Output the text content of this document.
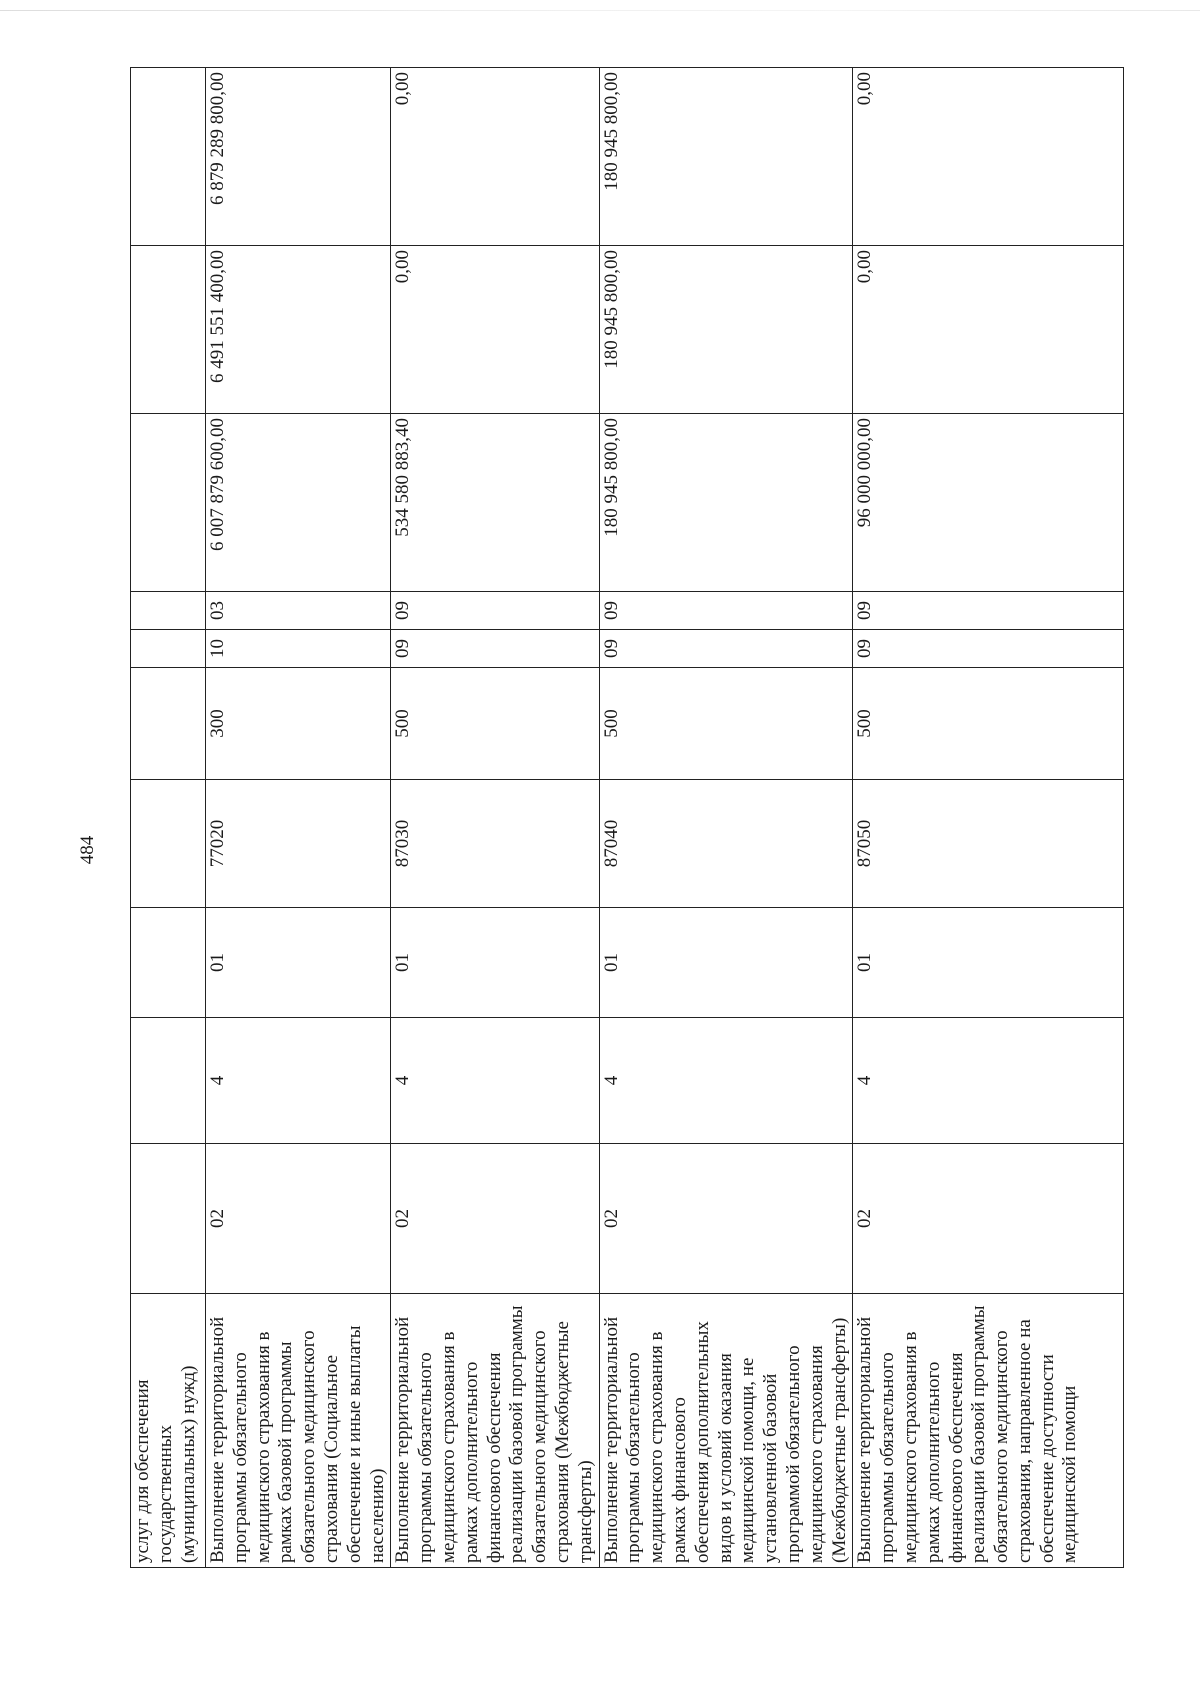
484
услуг для обеспечения государственных (муниципальных) нужд)										
Выполнение территориальной программы обязательного медицинского страхования в рамках базовой программы обязательного медицинского страхования (Социальное обеспечение и иные выплаты населению)	02	4	01	77020	300	10	03	6 007 879 600,00	6 491 551 400,00	6 879 289 800,00
Выполнение территориальной программы обязательного медицинского страхования в рамках дополнительного финансового обеспечения реализации базовой программы обязательного медицинского страхования (Межбюджетные трансферты)	02	4	01	87030	500	09	09	534 580 883,40	0,00	0,00
Выполнение территориальной программы обязательного медицинского страхования в рамках финансового обеспечения дополнительных видов и условий оказания медицинской помощи, не установленной базовой программой обязательного медицинского страхования (Межбюджетные трансферты)	02	4	01	87040	500	09	09	180 945 800,00	180 945 800,00	180 945 800,00
Выполнение территориальной программы обязательного медицинского страхования в рамках дополнительного финансового обеспечения реализации базовой программы обязательного медицинского страхования, направленное на обеспечение доступности медицинской помощи	02	4	01	87050	500	09	09	96 000 000,00	0,00	0,00
